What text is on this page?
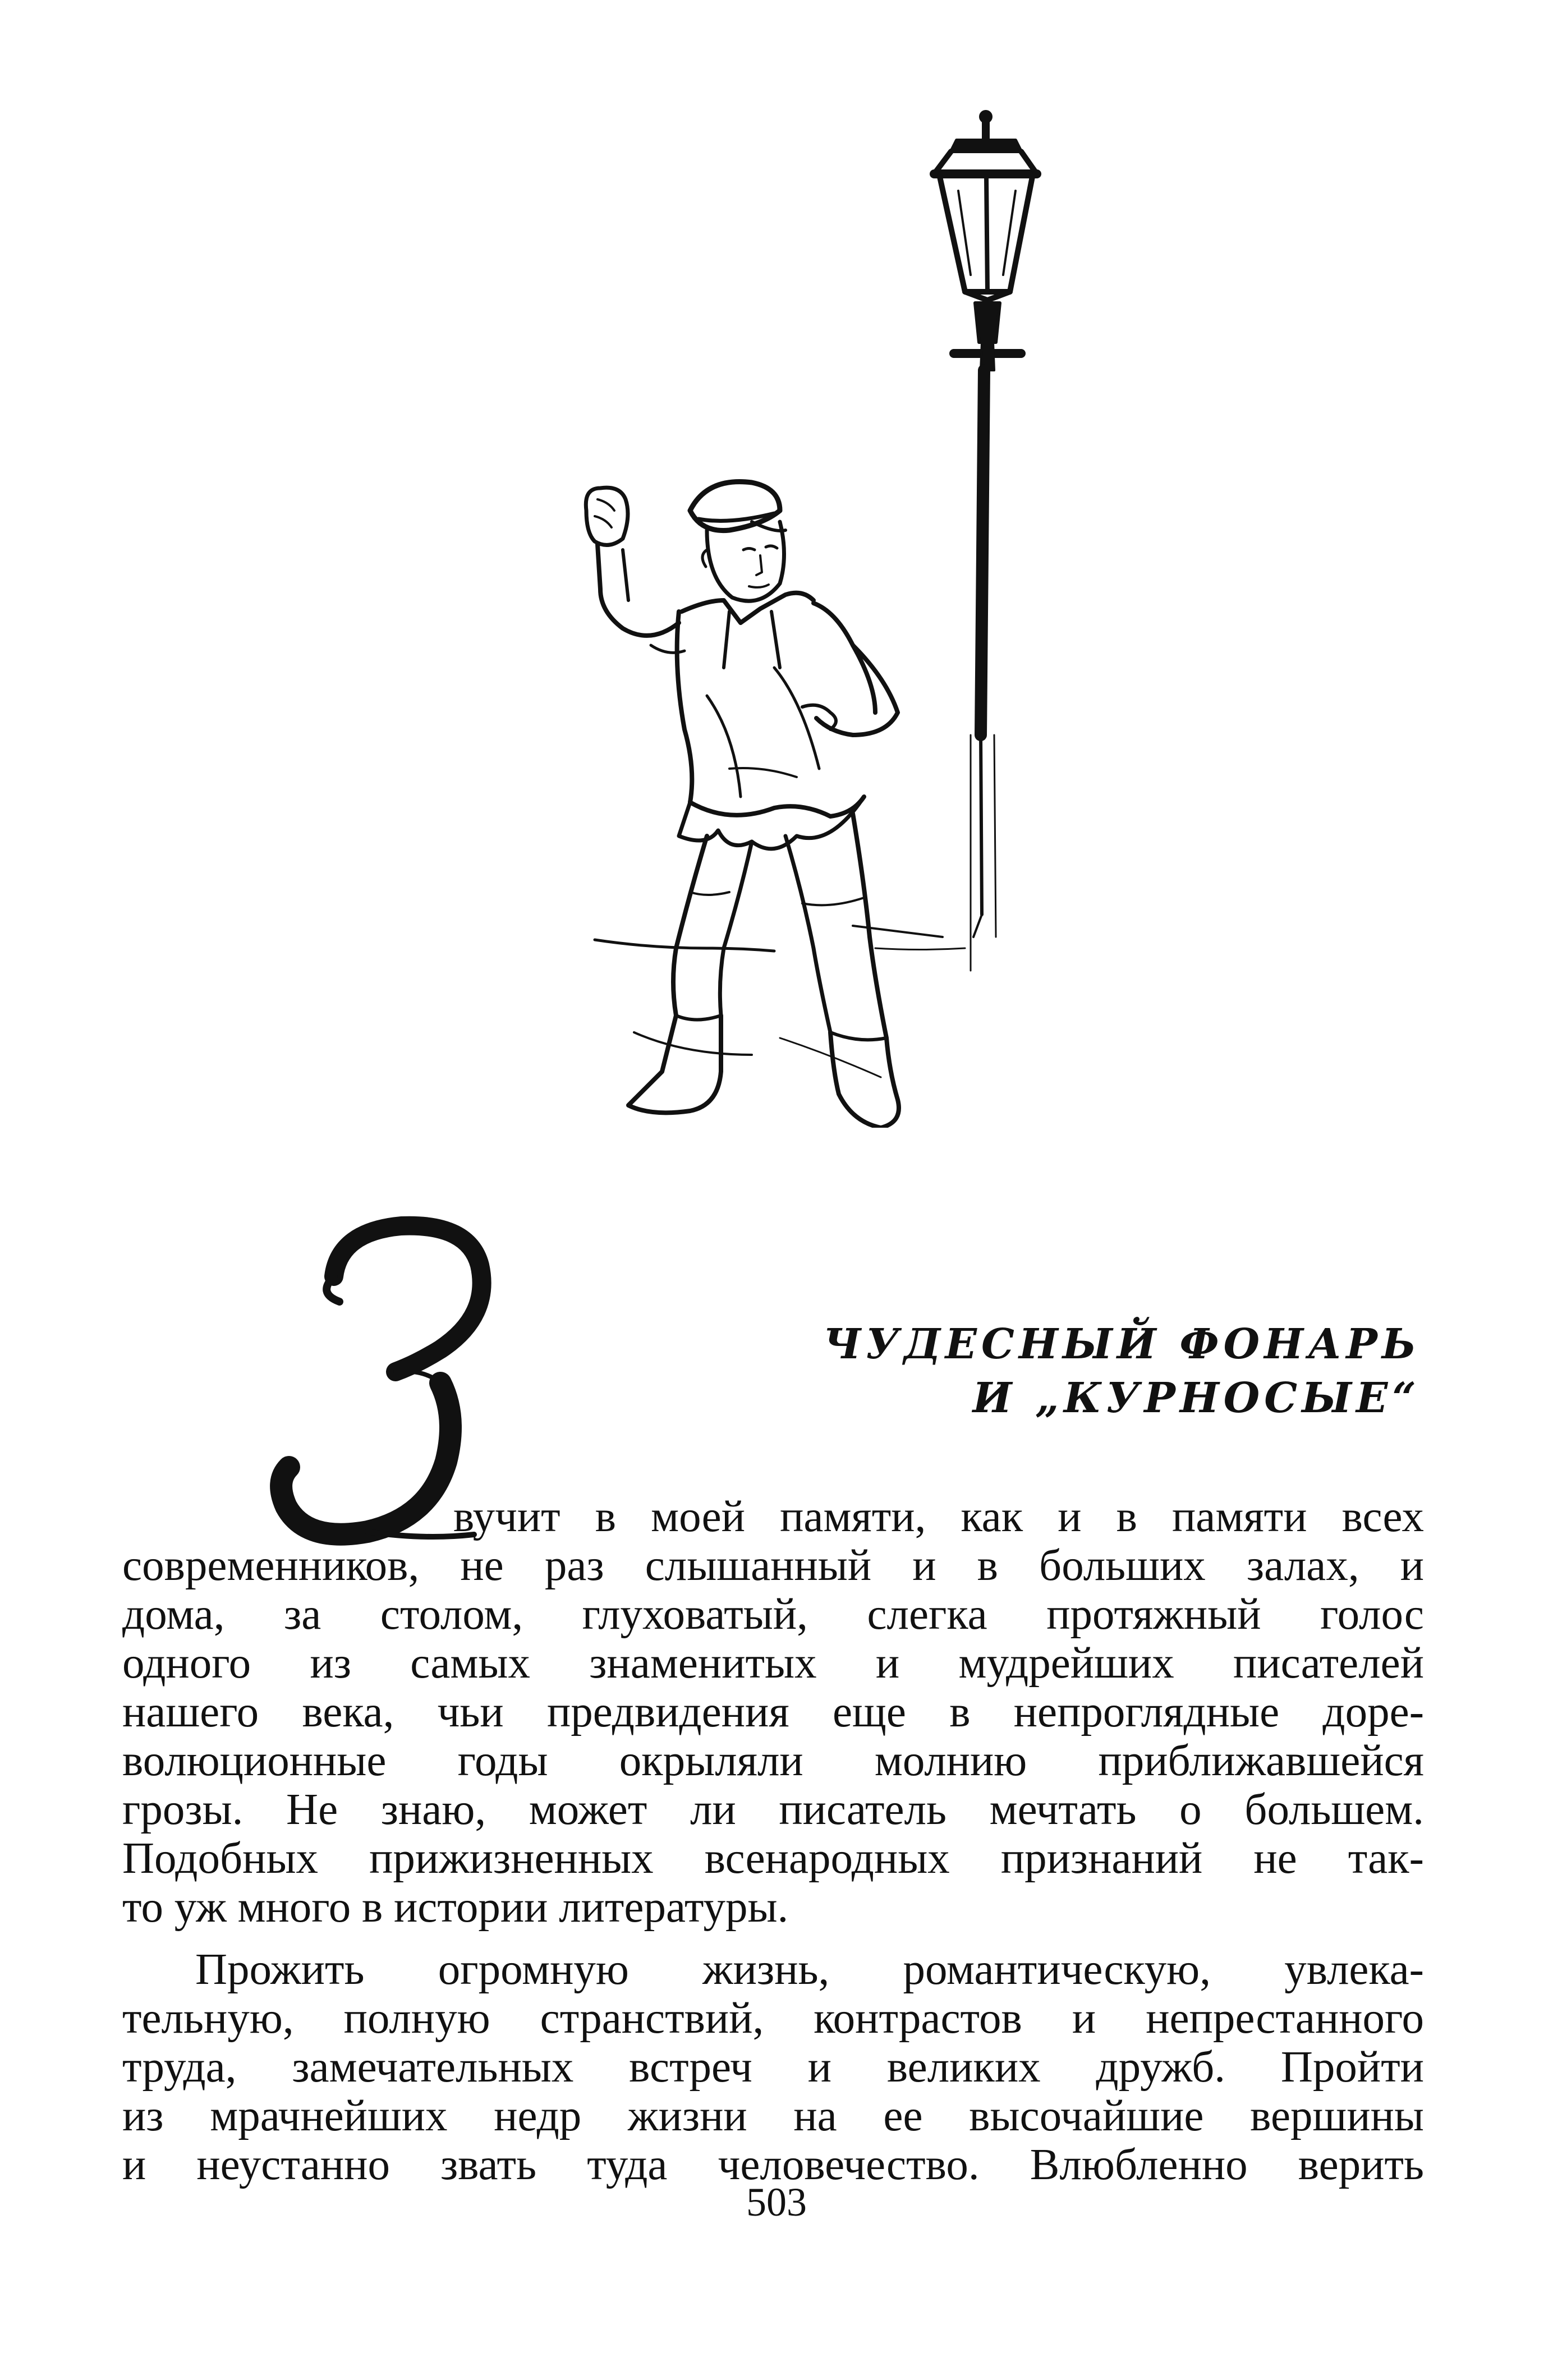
ЧУДЕСНЫЙ ФОНАРЬ
И „КУРНОСЫЕ“
вучит в моей памяти, как и в памяти всех
современников, не раз слышанный и в больших залах, и
дома, за столом, глуховатый, слегка протяжный голос
одного из самых знаменитых и мудрейших писателей
нашего века, чьи предвидения еще в непроглядные доре-
волюционные годы окрыляли молнию приближавшейся
грозы. Не знаю, может ли писатель мечтать о большем.
Подобных прижизненных всенародных признаний не так-
то уж много в истории литературы.
Прожить огромную жизнь, романтическую, увлека-
тельную, полную странствий, контрастов и непрестанного
труда, замечательных встреч и великих дружб. Пройти
из мрачнейших недр жизни на ее высочайшие вершины
и неустанно звать туда человечество. Влюбленно верить
503
